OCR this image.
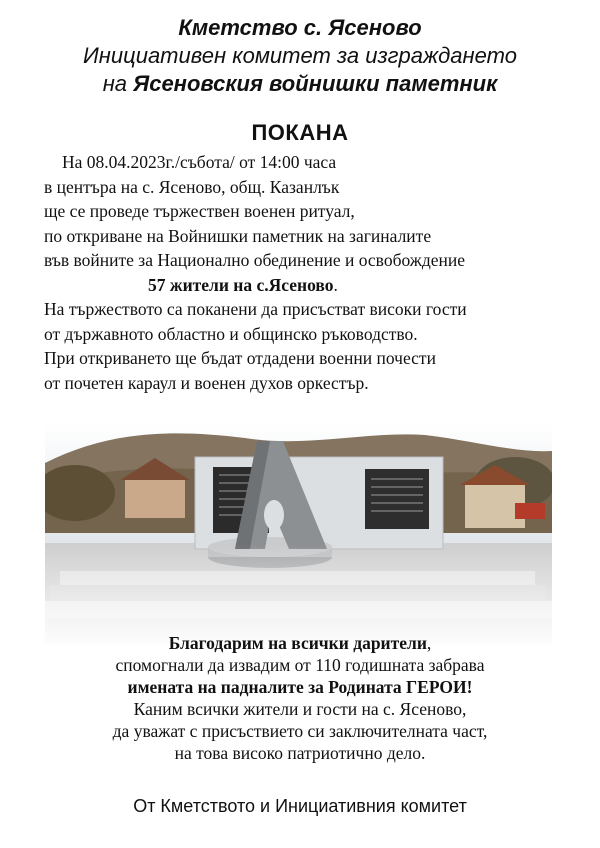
Кметство с. Ясеново
Инициативен комитет за изграждането
на Ясеновския войнишки паметник
ПОКАНА
На 08.04.2023г./събота/ от 14:00 часа
в центъра на с. Ясеново, общ. Казанлък
ще се проведе тържествен военен ритуал,
по откриване на Войнишки паметник на загиналите
във войните за Национално обединение и освобождение
57 жители на с.Ясеново.
На тържеството са поканени да присъстват високи гости
от държавното областно и общинско ръководство.
При откриването ще бъдат отдадени военни почести
от почетен караул и военен духов оркестър.
Благодарим на всички дарители,
спомогнали да извадим от 110 годишната забрава
имената на падналите за Родината ГЕРОИ!
Каним всички жители и гости на с. Ясеново,
да уважат с присъствието си заключителната част,
на това високо патриотично дело.
От Кметството и Инициативния комитет
